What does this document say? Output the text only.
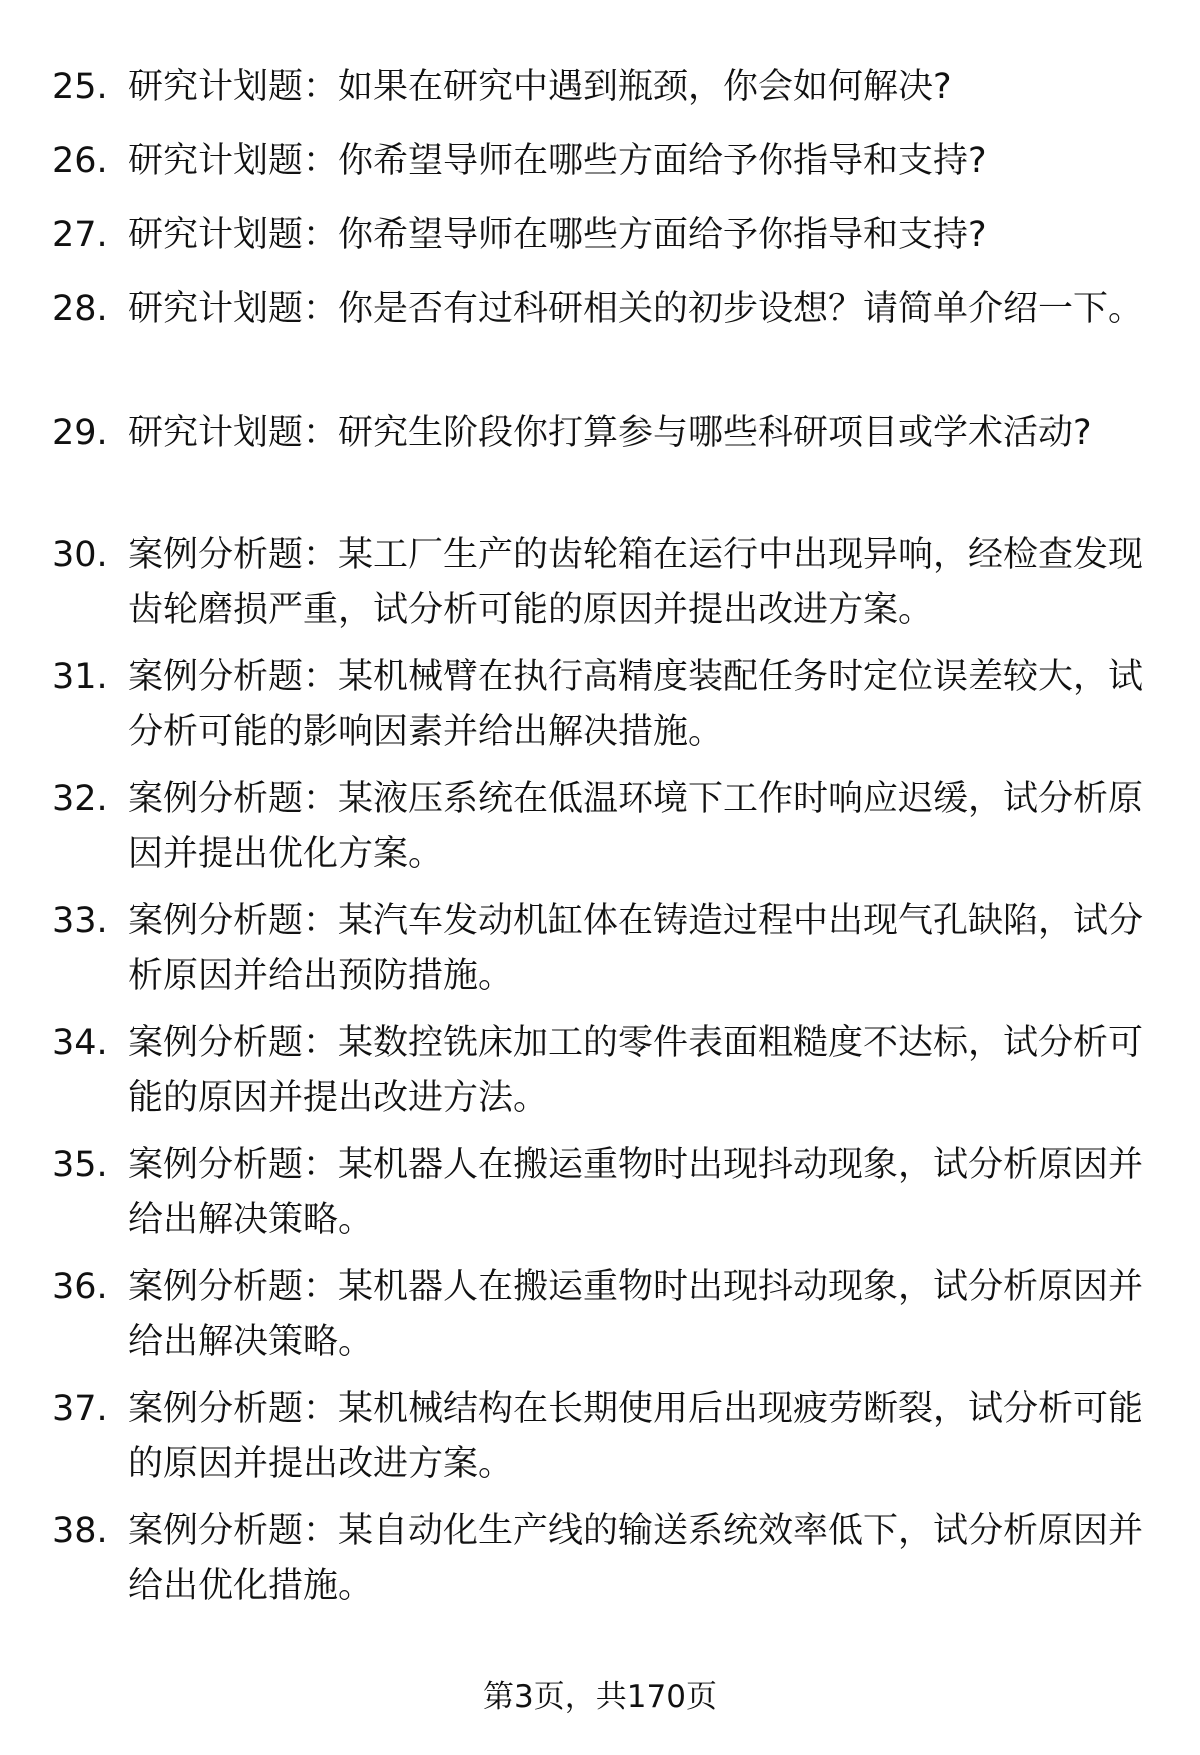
25. 研究计划题：如果在研究中遇到瓶颈，你会如何解决?
26. 研究计划题：你希望导师在哪些方面给予你指导和支持?
27. 研究计划题：你希望导师在哪些方面给予你指导和支持?
28. 研究计划题：你是否有过科研相关的初步设想？请简单介绍一下。
29. 研究计划题：研究生阶段你打算参与哪些科研项目或学术活动?
30. 案例分析题：某工厂生产的齿轮箱在运行中出现异响，经检查发现齿轮磨损严重，试分析可能的原因并提出改进方案。
31. 案例分析题：某机械臂在执行高精度装配任务时定位误差较大，试分析可能的影响因素并给出解决措施。
32. 案例分析题：某液压系统在低温环境下工作时响应迟缓，试分析原因并提出优化方案。
33. 案例分析题：某汽车发动机缸体在铸造过程中出现气孔缺陷，试分析原因并给出预防措施。
34. 案例分析题：某数控铣床加工的零件表面粗糙度不达标，试分析可能的原因并提出改进方法。
35. 案例分析题：某机器人在搬运重物时出现抖动现象，试分析原因并给出解决策略。
36. 案例分析题：某机器人在搬运重物时出现抖动现象，试分析原因并给出解决策略。
37. 案例分析题：某机械结构在长期使用后出现疲劳断裂，试分析可能的原因并提出改进方案。
38. 案例分析题：某自动化生产线的输送系统效率低下，试分析原因并给出优化措施。
第3页，共170页
